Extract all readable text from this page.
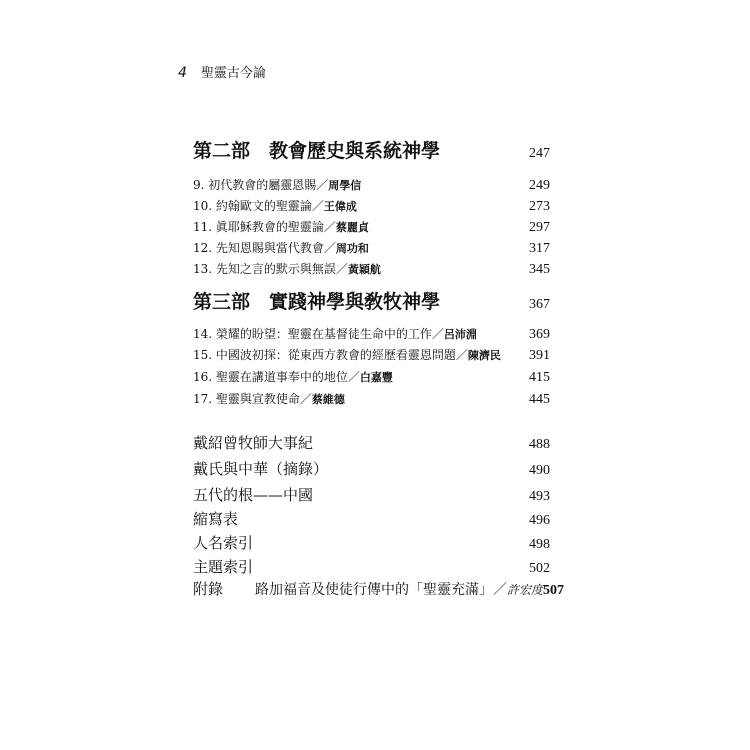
4 聖靈古今論
第二部　教會歷史與系統神學	247
9. 初代教會的屬靈恩賜／周學信	249
10. 約翰歐文的聖靈論／王偉成	273
11. 眞耶穌教會的聖靈論／蔡麗貞	297
12. 先知恩賜與當代教會／周功和	317
13. 先知之言的默示與無誤／黃穎航	345
第三部　實踐神學與敎牧神學	367
14. 榮耀的盼望：聖靈在基督徒生命中的工作／呂沛淵	369
15. 中國波初探：從東西方教會的經歷看靈恩問題／陳濟民	391
16. 聖靈在講道事奉中的地位／白嘉豐	415
17. 聖靈與宣教使命／蔡維德	445
戴紹曾牧師大事紀	488
戴氏與中華（摘錄）	490
五代的根——中國	493
縮寫表	496
人名索引	498
主題索引	502
附錄 路加福音及使徒行傳中的「聖靈充滿」／許宏度 507
